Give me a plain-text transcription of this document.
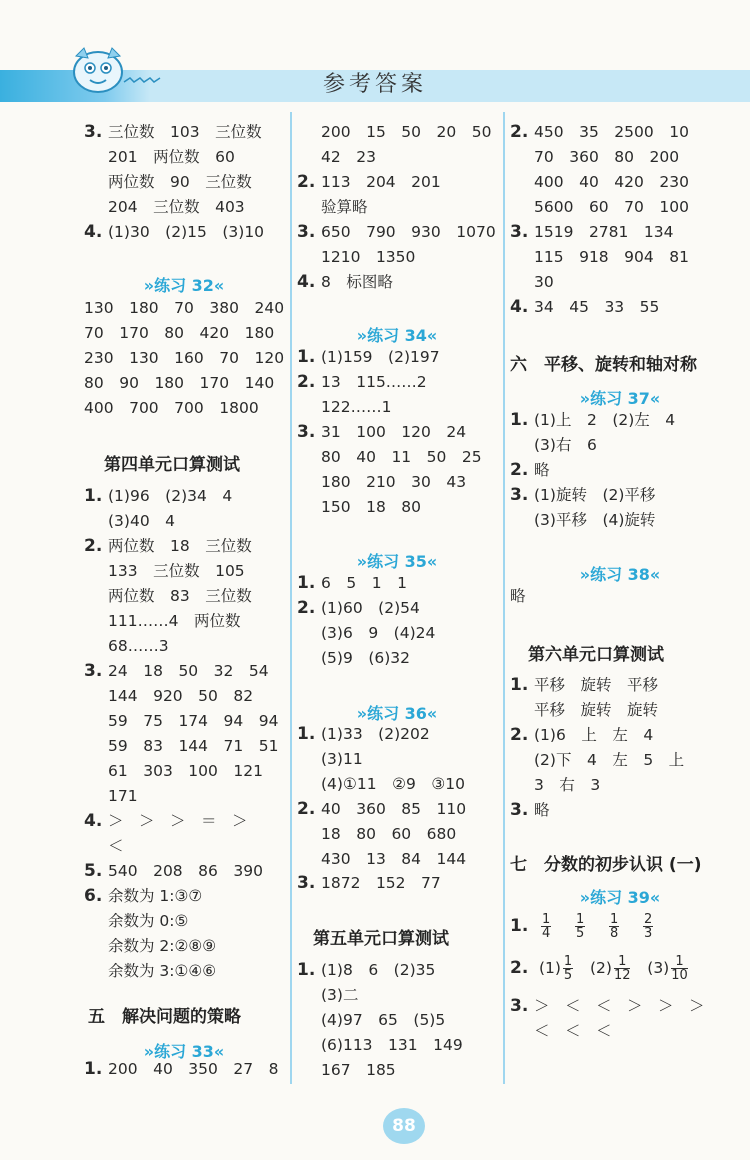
参考答案
3. 三位数　103　三位数
201　两位数　60
两位数　90　三位数
204　三位数　403
4. (1)30　(2)15　(3)10
»练习 32«
130　180　70　380　240
70　170　80　420　180
230　130　160　70　120
80　90　180　170　140
400　700　700　1800
第四单元口算测试
1. (1)96　(2)34　4
(3)40　4
2. 两位数　18　三位数
133　三位数　105
两位数　83　三位数
111……4　两位数
68……3
3. 24　18　50　32　54
144　920　50　82
59　75　174　94　94
59　83　144　71　51
61　303　100　121
171
4. ＞　＞　＞　＝　＞
＜
5. 540　208　86　390
6. 余数为 1:③⑦
余数为 0:⑤
余数为 2:②⑧⑨
余数为 3:①④⑥
五　解决问题的策略
»练习 33«
1. 200　40　350　27　8
200　15　50　20　50
42　23
2. 113　204　201
验算略
3. 650　790　930　1070
1210　1350
4. 8　标图略
»练习 34«
1. (1)159　(2)197
2. 13　115……2
122……1
3. 31　100　120　24
80　40　11　50　25
180　210　30　43
150　18　80
»练习 35«
1. 6　5　1　1
2. (1)60　(2)54
(3)6　9　(4)24
(5)9　(6)32
»练习 36«
1. (1)33　(2)202
(3)11
(4)①11　②9　③10
2. 40　360　85　110
18　80　60　680
430　13　84　144
3. 1872　152　77
第五单元口算测试
1. (1)8　6　(2)35
(3)二
(4)97　65　(5)5
(6)113　131　149
167　185
2. 450　35　2500　10
70　360　80　200
400　40　420　230
5600　60　70　100
3. 1519　2781　134
115　918　904　81
30
4. 34　45　33　55
六　平移、旋转和轴对称
»练习 37«
1. (1)上　2　(2)左　4
(3)右　6
2. 略
3. (1)旋转　(2)平移
(3)平移　(4)旋转
»练习 38«
略
第六单元口算测试
1. 平移　旋转　平移
平移　旋转　旋转
2. (1)6　上　左　4
(2)下　4　左　5　上
3　右　3
3. 略
七　分数的初步认识 (一)
»练习 39«
1. $\frac{1}{4}$
$\frac{1}{5}$
$\frac{1}{8}$
$\frac{2}{3}$
2. $(1) \frac{1}{5} (2) \frac{1}{12} (3) \frac{1}{10}$
3. ＞　＜　＜　＞　＞　＞
＜　＜　＜
88
